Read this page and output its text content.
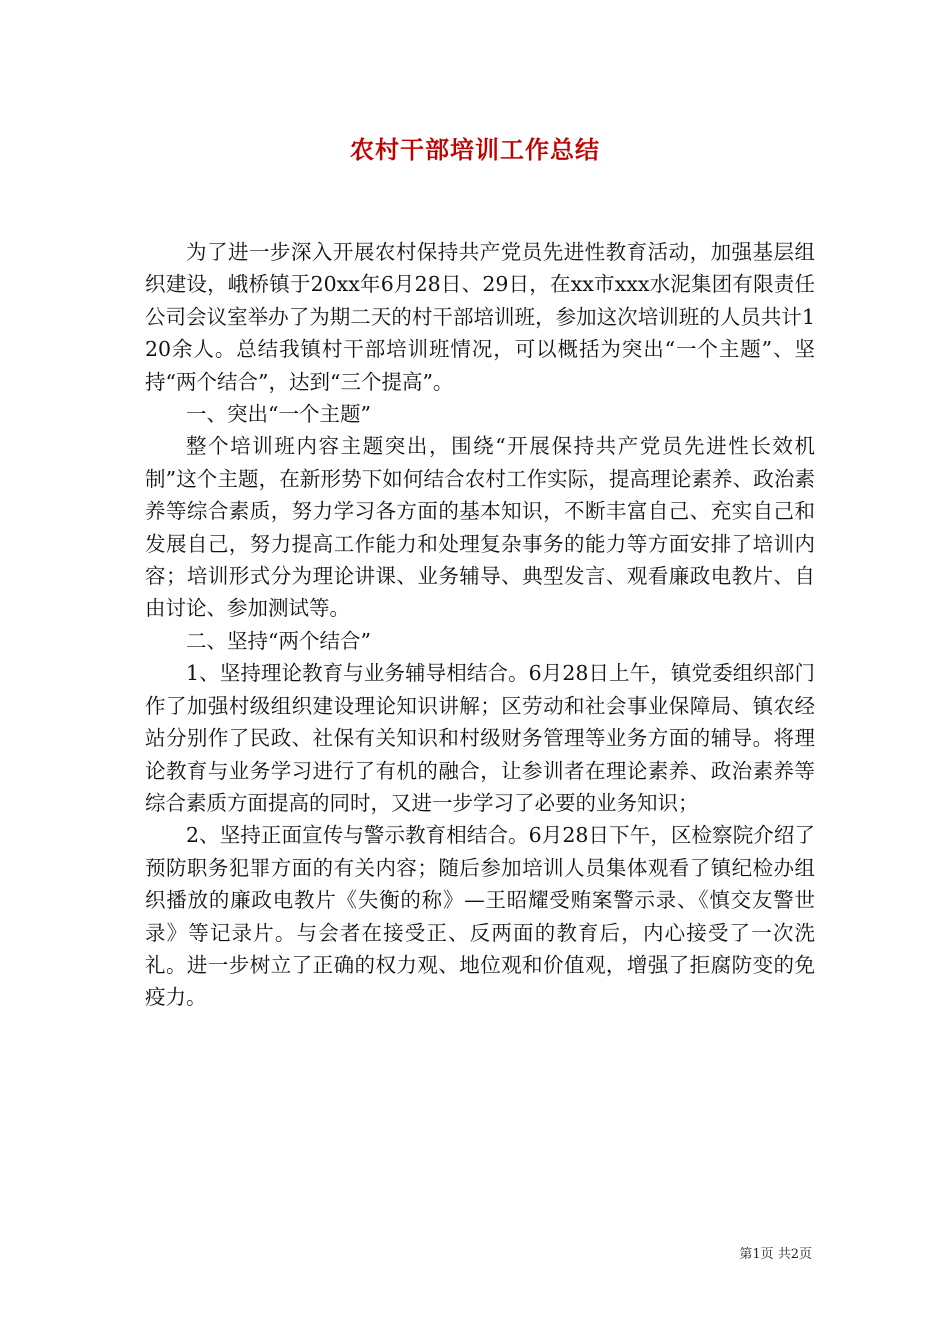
农村干部培训工作总结

为了进一步深入开展农村保持共产党员先进性教育活动，加强基层组织建设，峨桥镇于20xx年6月28日、29日，在xx市xxx水泥集团有限责任公司会议室举办了为期二天的村干部培训班，参加这次培训班的人员共计120余人。总结我镇村干部培训班情况，可以概括为突出“一个主题”、坚持“两个结合”，达到“三个提高”。

一、突出“一个主题”

整个培训班内容主题突出，围绕“开展保持共产党员先进性长效机制”这个主题，在新形势下如何结合农村工作实际，提高理论素养、政治素养等综合素质，努力学习各方面的基本知识，不断丰富自己、充实自己和发展自己，努力提高工作能力和处理复杂事务的能力等方面安排了培训内容；培训形式分为理论讲课、业务辅导、典型发言、观看廉政电教片、自由讨论、参加测试等。

二、坚持“两个结合”

1、坚持理论教育与业务辅导相结合。6月28日上午，镇党委组织部门作了加强村级组织建设理论知识讲解；区劳动和社会事业保障局、镇农经站分别作了民政、社保有关知识和村级财务管理等业务方面的辅导。将理论教育与业务学习进行了有机的融合，让参训者在理论素养、政治素养等综合素质方面提高的同时，又进一步学习了必要的业务知识；

2、坚持正面宣传与警示教育相结合。6月28日下午，区检察院介绍了预防职务犯罪方面的有关内容；随后参加培训人员集体观看了镇纪检办组织播放的廉政电教片《失衡的称》—王昭耀受贿案警示录、《慎交友警世录》等记录片。与会者在接受正、反两面的教育后，内心接受了一次洗礼。进一步树立了正确的权力观、地位观和价值观，增强了拒腐防变的免疫力。

第1页 共2页
